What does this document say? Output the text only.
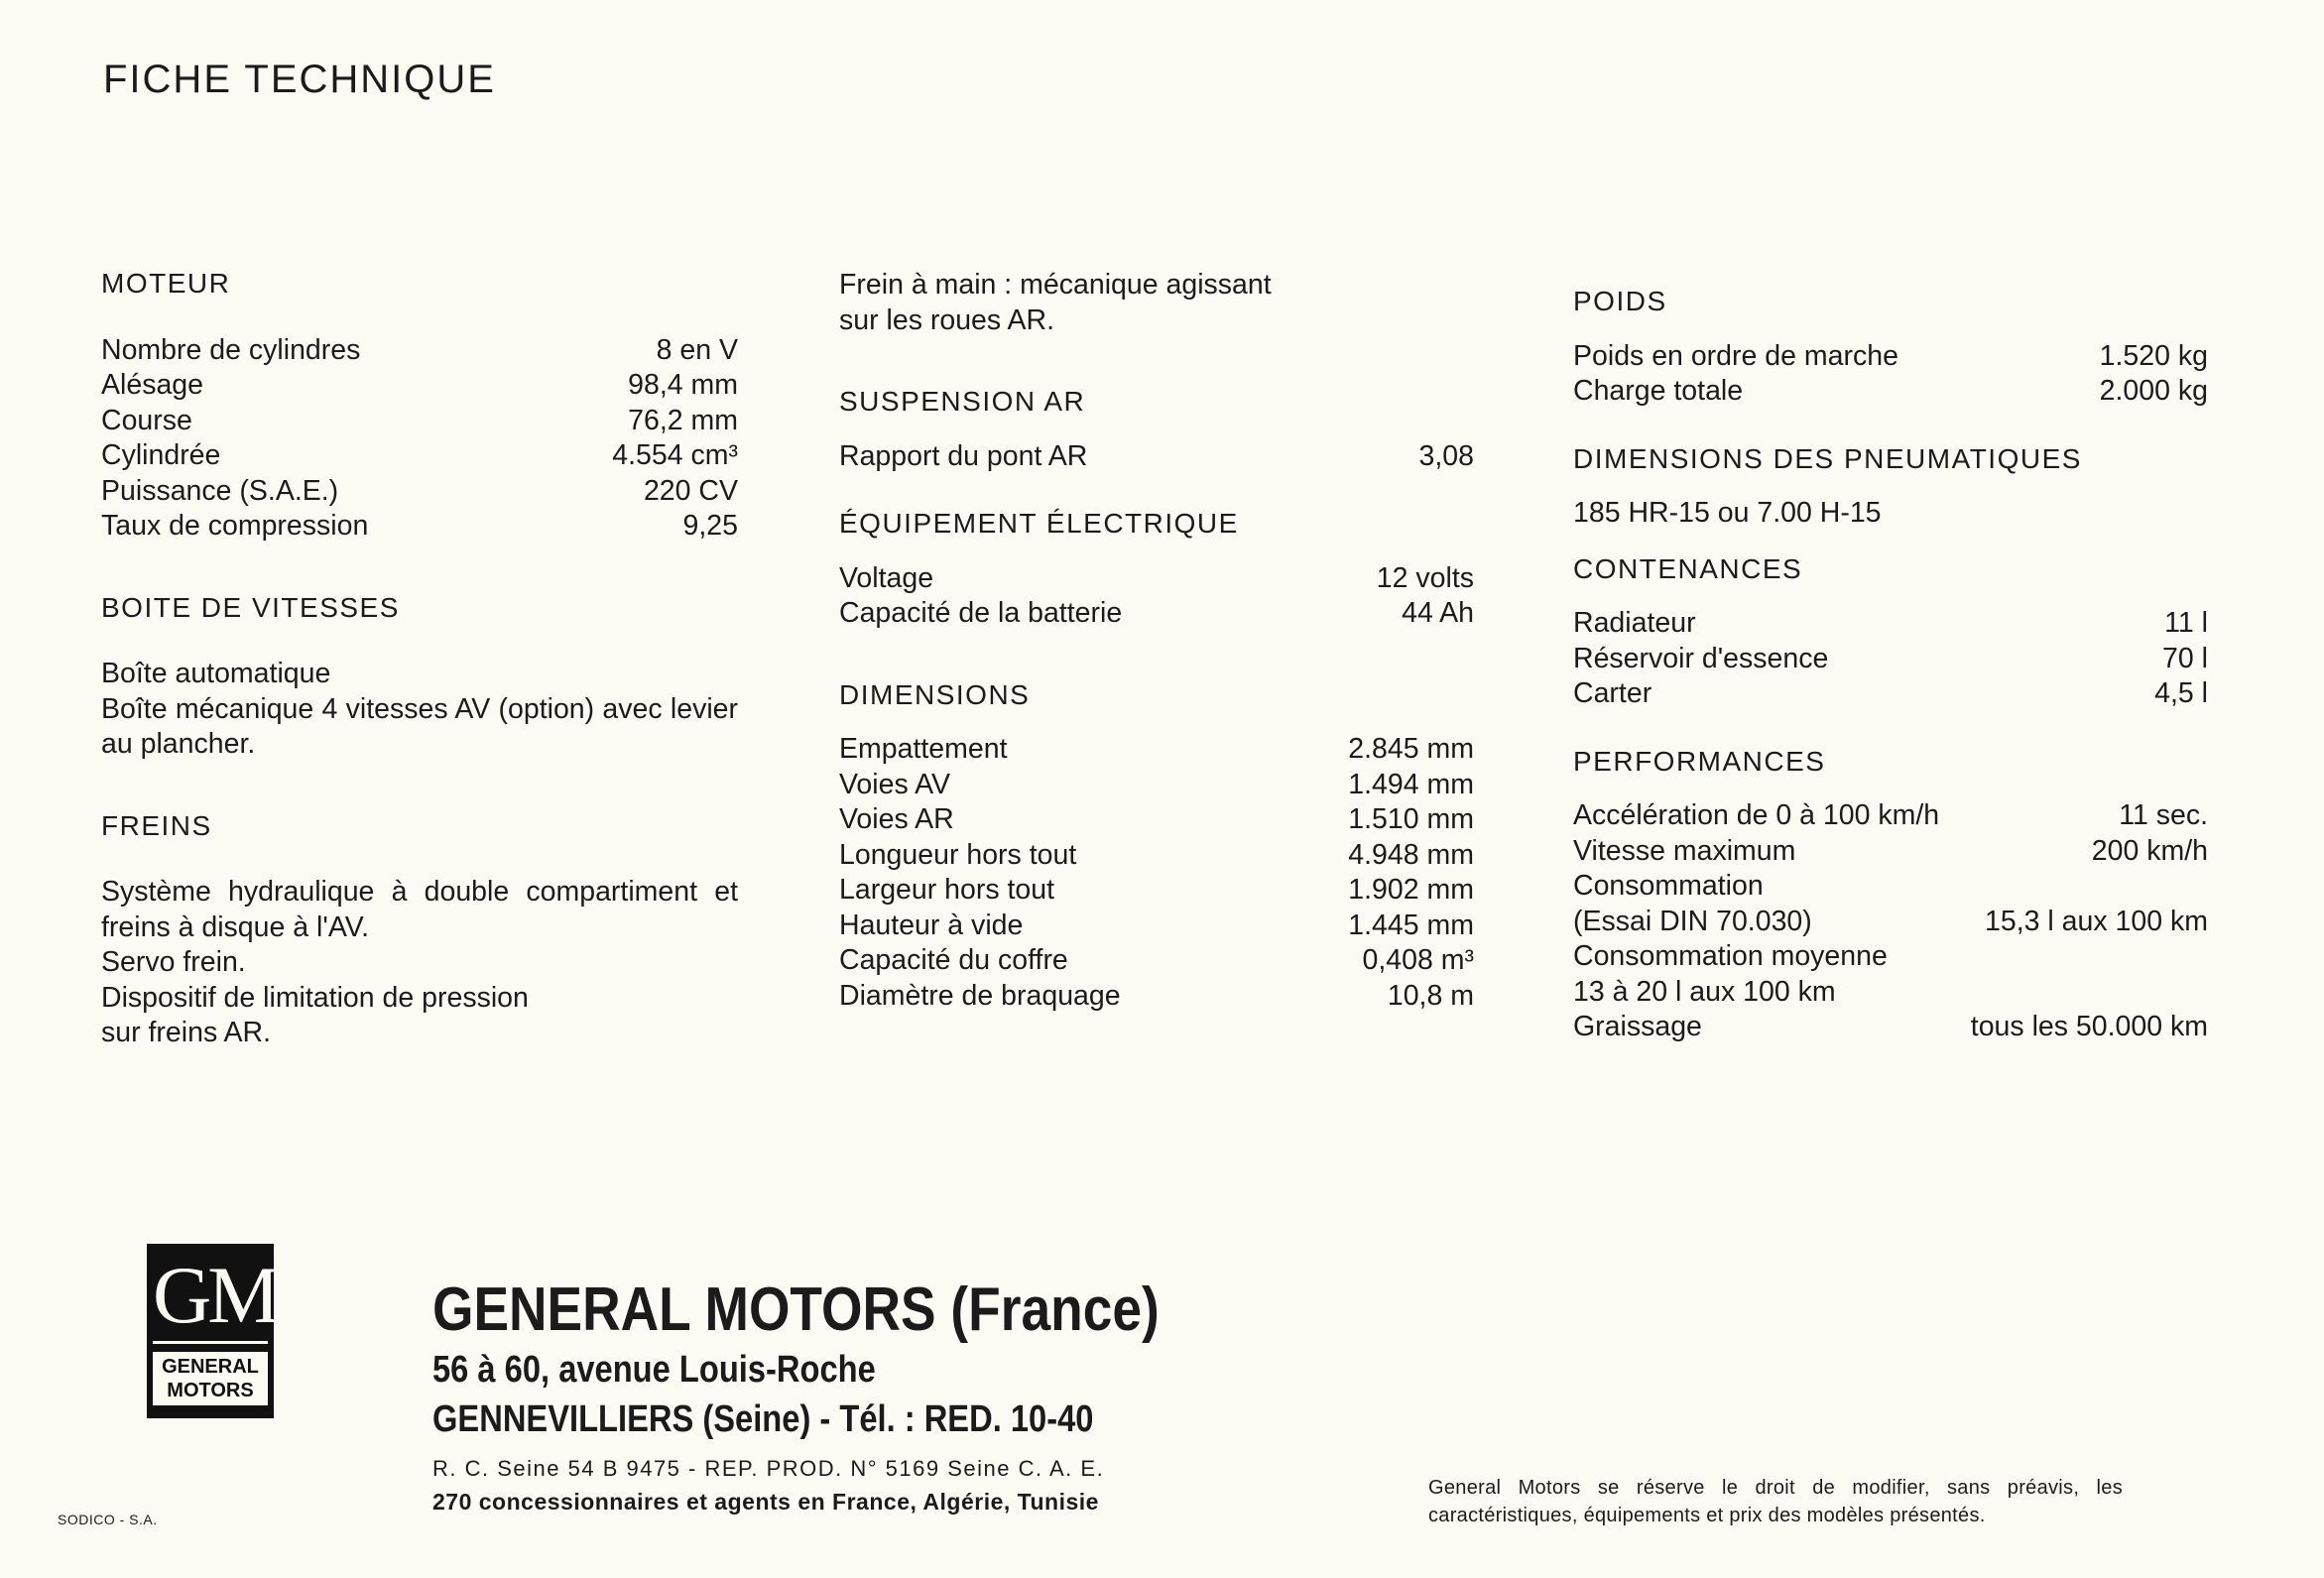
FICHE TECHNIQUE
MOTEUR
Nombre de cylindres	8 en V
Alésage	98,4 mm
Course	76,2 mm
Cylindrée	4.554 cm³
Puissance (S.A.E.)	220 CV
Taux de compression	9,25
BOITE DE VITESSES
Boîte automatique
Boîte mécanique 4 vitesses AV (option) avec levier au plancher.
FREINS
Système hydraulique à double compartiment et freins à disque à l'AV.
Servo frein.
Dispositif de limitation de pression
sur freins AR.
Frein à main : mécanique agissant
sur les roues AR.
SUSPENSION AR
Rapport du pont AR	3,08
ÉQUIPEMENT ÉLECTRIQUE
Voltage	12 volts
Capacité de la batterie	44 Ah
DIMENSIONS
Empattement	2.845 mm
Voies AV	1.494 mm
Voies AR	1.510 mm
Longueur hors tout	4.948 mm
Largeur hors tout	1.902 mm
Hauteur à vide	1.445 mm
Capacité du coffre	0,408 m³
Diamètre de braquage	10,8 m
POIDS
Poids en ordre de marche	1.520 kg
Charge totale	2.000 kg
DIMENSIONS DES PNEUMATIQUES
185 HR-15 ou 7.00 H-15
CONTENANCES
Radiateur	11 l
Réservoir d'essence	70 l
Carter	4,5 l
PERFORMANCES
Accélération de 0 à 100 km/h	11 sec.
Vitesse maximum	200 km/h
Consommation
(Essai DIN 70.030)	15,3 l aux 100 km
Consommation moyenne
13 à 20 l aux 100 km
Graissage	tous les 50.000 km
GM
GENERAL
MOTORS
GENERAL MOTORS (France)
56 à 60, avenue Louis-Roche
GENNEVILLIERS (Seine) - Tél. : RED. 10-40
R. C. Seine 54 B 9475 - REP. PROD. N° 5169 Seine C. A. E.
270 concessionnaires et agents en France, Algérie, Tunisie
SODICO - S.A.
General Motors se réserve le droit de modifier, sans préavis, les caractéristiques, équipements et prix des modèles présentés.
